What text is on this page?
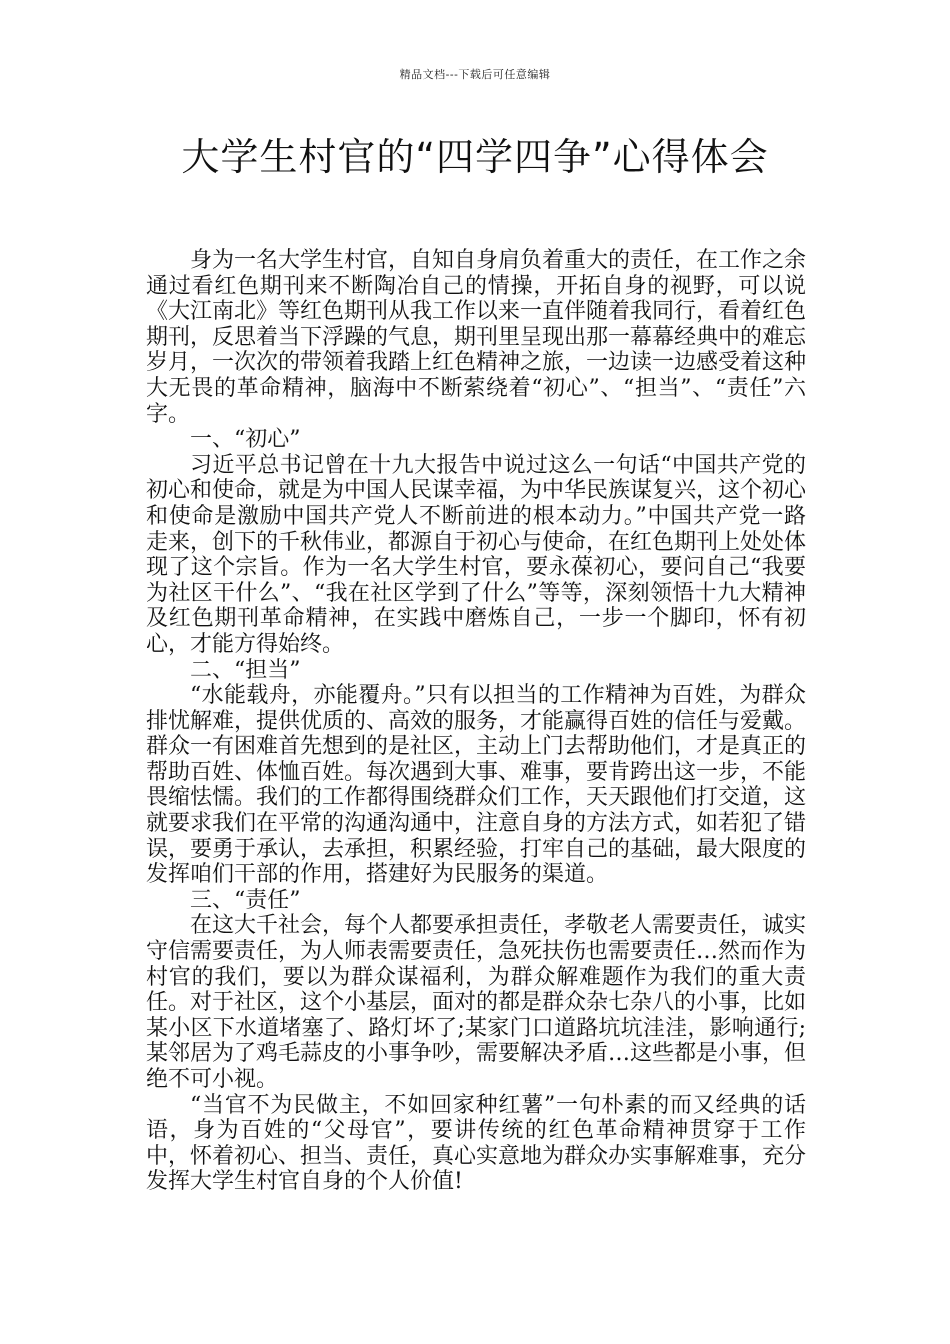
精品文档---下载后可任意编辑
大学生村官的“四学四争”心得体会

身为一名大学生村官，自知自身肩负着重大的责任，在工作之余通过看红色期刊来不断陶冶自己的情操，开拓自身的视野，可以说《大江南北》等红色期刊从我工作以来一直伴随着我同行，看着红色期刊，反思着当下浮躁的气息，期刊里呈现出那一幕幕经典中的难忘岁月，一次次的带领着我踏上红色精神之旅，一边读一边感受着这种大无畏的革命精神，脑海中不断萦绕着“初心”、“担当”、“责任”六字。

一、“初心”

习近平总书记曾在十九大报告中说过这么一句话“中国共产党的初心和使命，就是为中国人民谋幸福，为中华民族谋复兴，这个初心和使命是激励中国共产党人不断前进的根本动力。”中国共产党一路走来，创下的千秋伟业，都源自于初心与使命，在红色期刊上处处体现了这个宗旨。作为一名大学生村官，要永葆初心，要问自己“我要为社区干什么”、“我在社区学到了什么”等等，深刻领悟十九大精神及红色期刊革命精神，在实践中磨炼自己，一步一个脚印，怀有初心，才能方得始终。

二、“担当”

“水能载舟，亦能覆舟。”只有以担当的工作精神为百姓，为群众排忧解难，提供优质的、高效的服务，才能赢得百姓的信任与爱戴。群众一有困难首先想到的是社区，主动上门去帮助他们，才是真正的帮助百姓、体恤百姓。每次遇到大事、难事，要肯跨出这一步，不能畏缩怯懦。我们的工作都得围绕群众们工作，天天跟他们打交道，这就要求我们在平常的沟通沟通中，注意自身的方法方式，如若犯了错误，要勇于承认，去承担，积累经验，打牢自己的基础，最大限度的发挥咱们干部的作用，搭建好为民服务的渠道。

三、“责任”

在这大千社会，每个人都要承担责任，孝敬老人需要责任，诚实守信需要责任，为人师表需要责任，急死扶伤也需要责任…然而作为村官的我们，要以为群众谋福利，为群众解难题作为我们的重大责任。对于社区，这个小基层，面对的都是群众杂七杂八的小事，比如某小区下水道堵塞了、路灯坏了;某家门口道路坑坑洼洼，影响通行;某邻居为了鸡毛蒜皮的小事争吵，需要解决矛盾…这些都是小事，但绝不可小视。

“当官不为民做主，不如回家种红薯”一句朴素的而又经典的话语，身为百姓的“父母官”，要讲传统的红色革命精神贯穿于工作中，怀着初心、担当、责任，真心实意地为群众办实事解难事，充分发挥大学生村官自身的个人价值!
